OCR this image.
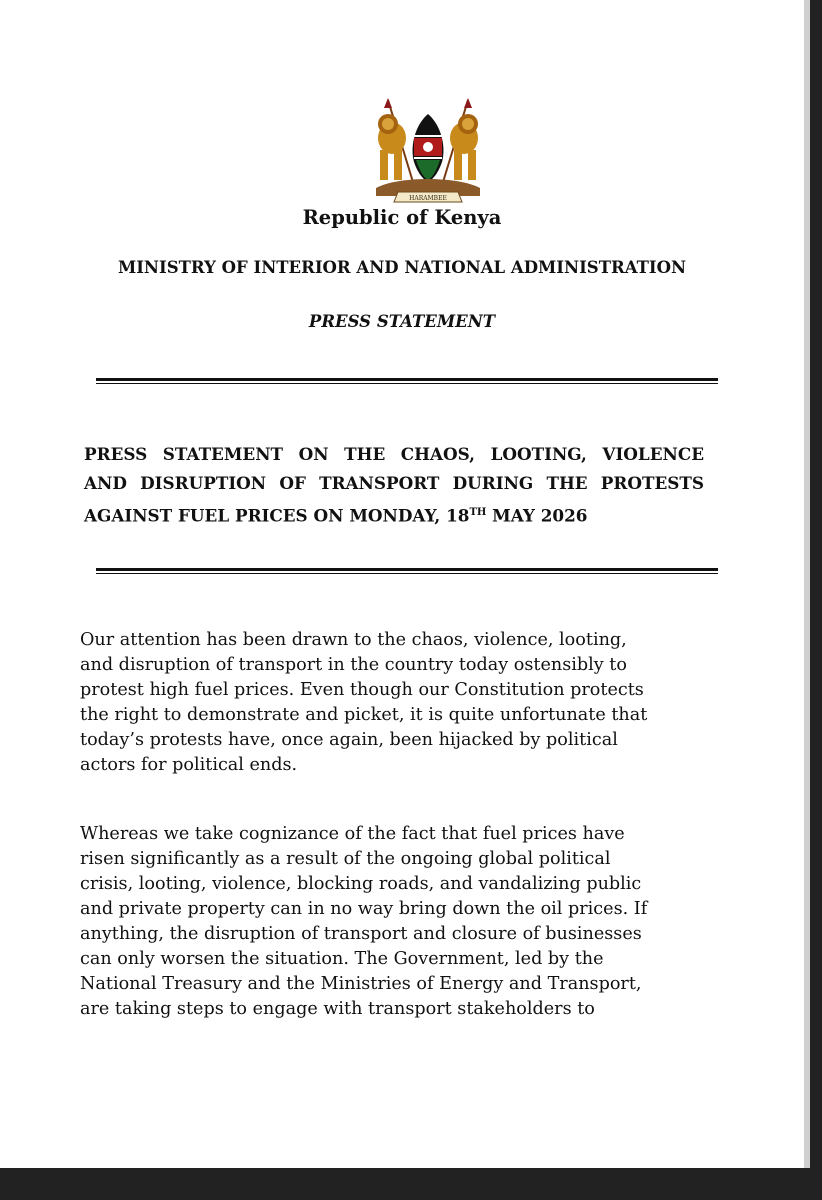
HARAMBEE
Republic of Kenya
MINISTRY OF INTERIOR AND NATIONAL ADMINISTRATION
PRESS STATEMENT
PRESS STATEMENT ON THE CHAOS, LOOTING, VIOLENCE
AND DISRUPTION OF TRANSPORT DURING THE PROTESTS
AGAINST FUEL PRICES ON MONDAY, 18TH MAY 2026
Our attention has been drawn to the chaos, violence, looting,
and disruption of transport in the country today ostensibly to
protest high fuel prices. Even though our Constitution protects
the right to demonstrate and picket, it is quite unfortunate that
today’s protests have, once again, been hijacked by political
actors for political ends.
Whereas we take cognizance of the fact that fuel prices have
risen significantly as a result of the ongoing global political
crisis, looting, violence, blocking roads, and vandalizing public
and private property can in no way bring down the oil prices. If
anything, the disruption of transport and closure of businesses
can only worsen the situation. The Government, led by the
National Treasury and the Ministries of Energy and Transport,
are taking steps to engage with transport stakeholders to
